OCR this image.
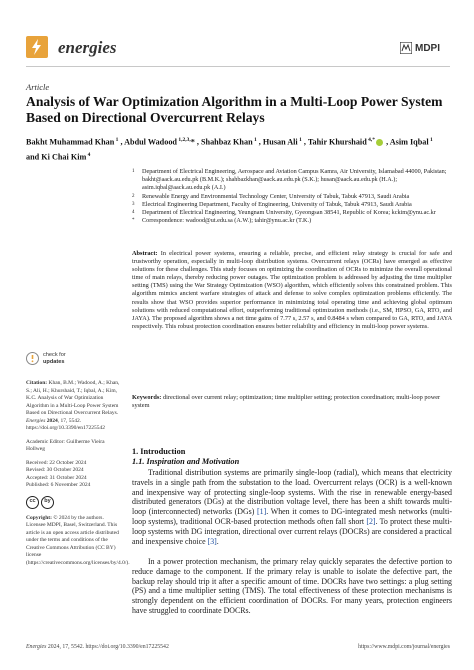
energies	MDPI
Article
Analysis of War Optimization Algorithm in a Multi-Loop Power System Based on Directional Overcurrent Relays
Bakht Muhammad Khan $^1$ , Abdul Wadood $^{1,2,3,}$* , Shahbaz Khan $^1$ , Husan Ali $^1$ , Tahir Khurshaid $^{4,*}$ , Asim Iqbal $^1$
and Ki Chai Kim $^4$
1	Department of Electrical Engineering, Aerospace and Aviation Campus Kamra, Air University, Islamabad 44000, Pakistan; bakht@aack.au.edu.pk (B.M.K.); shahbazkhan@aack.au.edu.pk (S.K.); husan@aack.au.edu.pk (H.A.); asim.iqbal@aack.au.edu.pk (A.I.)
2	Renewable Energy and Environmental Technology Center, University of Tabuk, Tabuk 47913, Saudi Arabia
3	Electrical Engineering Department, Faculty of Engineering, University of Tabuk, Tabuk 47913, Saudi Arabia
4	Department of Electrical Engineering, Yeungnam University, Gyeongsan 38541, Republic of Korea; kckim@ynu.ac.kr
*	Correspondence: wadood@ut.edu.sa (A.W.); tahir@ynu.ac.kr (T.K.)
Abstract: In electrical power systems, ensuring a reliable, precise, and efficient relay strategy is crucial for safe and trustworthy operation, especially in multi-loop distribution systems. Overcurrent relays (OCRs) have emerged as effective solutions for these challenges. This study focuses on optimizing the coordination of OCRs to minimize the overall operational time of main relays, thereby reducing power outages. The optimization problem is addressed by adjusting the time multiplier setting (TMS) using the War Strategy Optimization (WSO) algorithm, which efficiently solves this constrained problem. This algorithm mimics ancient warfare strategies of attack and defense to solve complex optimization problems efficiently. The results show that WSO provides superior performance in minimizing total operating time and achieving global optimum solutions with reduced computational effort, outperforming traditional optimization methods (i.e., SM, HPSO, GA, RTO, and JAYA). The proposed algorithm shows a net time gains of 7.77 s, 2.57 s, and 0.8484 s when compared to GA, RTO, and JAYA respectively. This robust protection coordination ensures better reliability and efficiency in multi-loop power systems.
Keywords: directional over current relay; optimization; time multiplier setting; protection coordination; multi-loop power system
check for
updates

Citation: Khan, B.M.; Wadood, A.; Khan, S.; Ali, H.; Khurshaid, T.; Iqbal, A.; Kim, K.C. Analysis of War Optimization Algorithm in a Multi-Loop Power System Based on Directional Overcurrent Relays. Energies 2024, 17, 5542. https://doi.org/10.3390/en17225542

Academic Editor: Guilherme Vieira Hollweg

Received: 22 October 2024

Revised: 30 October 2024

Accepted: 31 October 2024

Published: 6 November 2024

cc	by

Copyright: © 2024 by the authors. Licensee MDPI, Basel, Switzerland. This article is an open access article distributed under the terms and conditions of the Creative Commons Attribution (CC BY) license (https://creativecommons.org/licenses/by/4.0/).

1. Introduction
1.1. Inspiration and Motivation

Traditional distribution systems are primarily single-loop (radial), which means that electricity travels in a single path from the substation to the load. Overcurrent relays (OCR) is a well-known and inexpensive way of protecting single-loop systems. With the rise in renewable energy-based distributed generators (DGs) at the distribution voltage level, there has been a shift towards multi-loop (interconnected) networks (DGs) [1]. When it comes to DG-integrated mesh networks (multi-loop systems), traditional OCR-based protection methods often fall short [2]. To protect these multi-loop systems with DG integration, directional over current relays (DOCRs) are considered a practical and inexpensive choice [3].

In a power protection mechanism, the primary relay quickly separates the defective portion to reduce damage to the component. If the primary relay is unable to isolate the defective part, the backup relay should trip it after a specific amount of time. DOCRs have two settings: a plug setting (PS) and a time multiplier setting (TMS). The total effectiveness of these protection mechanisms is strongly dependent on the efficient coordination of DOCRs. For many years, protection engineers have struggled to coordinate DOCRs.

Energies 2024, 17, 5542. https://doi.org/10.3390/en17225542	https://www.mdpi.com/journal/energies
